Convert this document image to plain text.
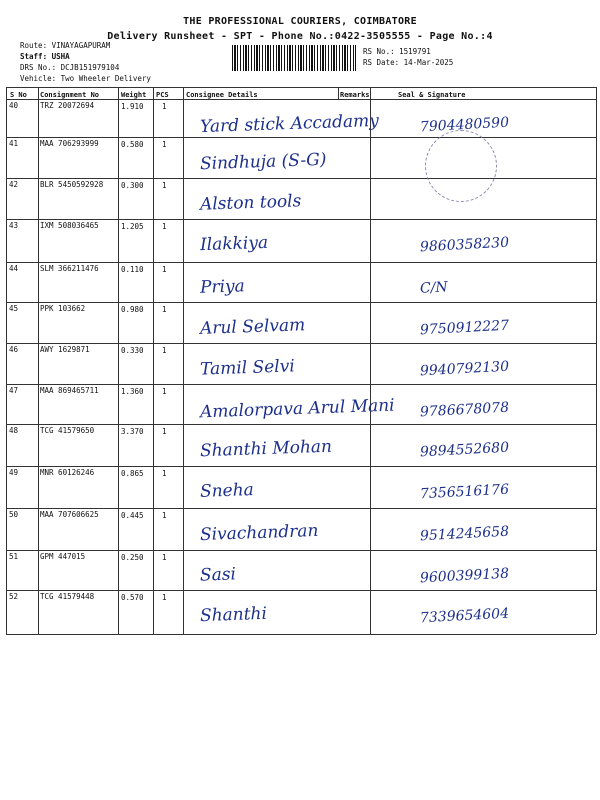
THE PROFESSIONAL COURIERS, COIMBATORE
Delivery Runsheet - SPT - Phone No.:0422-3505555 - Page No.:4
Route: VINAYAGAPURAM
Staff: USHA
DRS No.: DCJB151979104
Vehicle: Two Wheeler Delivery
RS No.: 1519791
RS Date: 14-Mar-2025
S No Consignment No	Weight PCS Consignee Details	Remarks	Seal & Signature
40	TRZ 20072694	1.910 1
Yard stick Accadamy	7904480590
41	MAA 706293999	0.580 1
Sindhuja (S-G)
42	BLR 5450592928 0.300 1
Alston tools
43	IXM 508036465	1.205 1
Ilakkiya	9860358230
44	SLM 366211476	0.110 1
Priya	C/N
45	PPK 103662	0.980 1
Arul Selvam	9750912227
46	AWY 1629871	0.330 1
Tamil Selvi	9940792130
47	MAA 869465711	1.360 1
Amalorpava Arul Mani 9786678078
48	TCG 41579650	3.370 1
Shanthi Mohan	9894552680
49	MNR 60126246	0.865 1
Sneha	7356516176
50	MAA 707606625	0.445 1
Sivachandran	9514245658
51	GPM 447015	0.250 1
Sasi	9600399138
52	TCG 41579448	0.570 1
Shanthi	7339654604
